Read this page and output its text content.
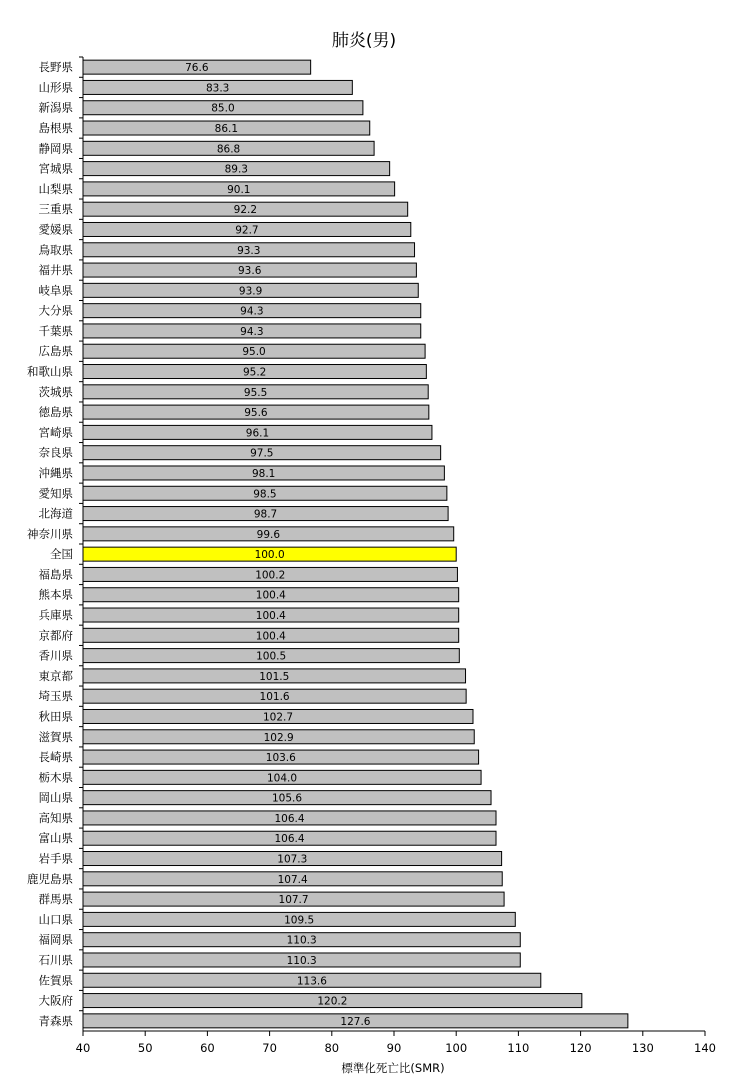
肺炎(男)
76.6
長野県
83.3
山形県
85.0
新潟県
86.1
島根県
86.8
静岡県
89.3
宮城県
90.1
山梨県
92.2
三重県
92.7
愛媛県
93.3
鳥取県
93.6
福井県
93.9
岐阜県
94.3
大分県
94.3
千葉県
95.0
広島県
95.2
和歌山県
95.5
茨城県
95.6
徳島県
96.1
宮崎県
97.5
奈良県
98.1
沖縄県
98.5
愛知県
98.7
北海道
99.6
神奈川県
100.0
全国
100.2
福島県
100.4
熊本県
100.4
兵庫県
100.4
京都府
100.5
香川県
101.5
東京都
101.6
埼玉県
102.7
秋田県
102.9
滋賀県
103.6
長崎県
104.0
栃木県
105.6
岡山県
106.4
高知県
106.4
富山県
107.3
岩手県
107.4
鹿児島県
107.7
群馬県
109.5
山口県
110.3
福岡県
110.3
石川県
113.6
佐賀県
120.2
大阪府
127.6
青森県
40	50	60	70	80	90	100	110	120	130	140
標準化死亡比(SMR)
